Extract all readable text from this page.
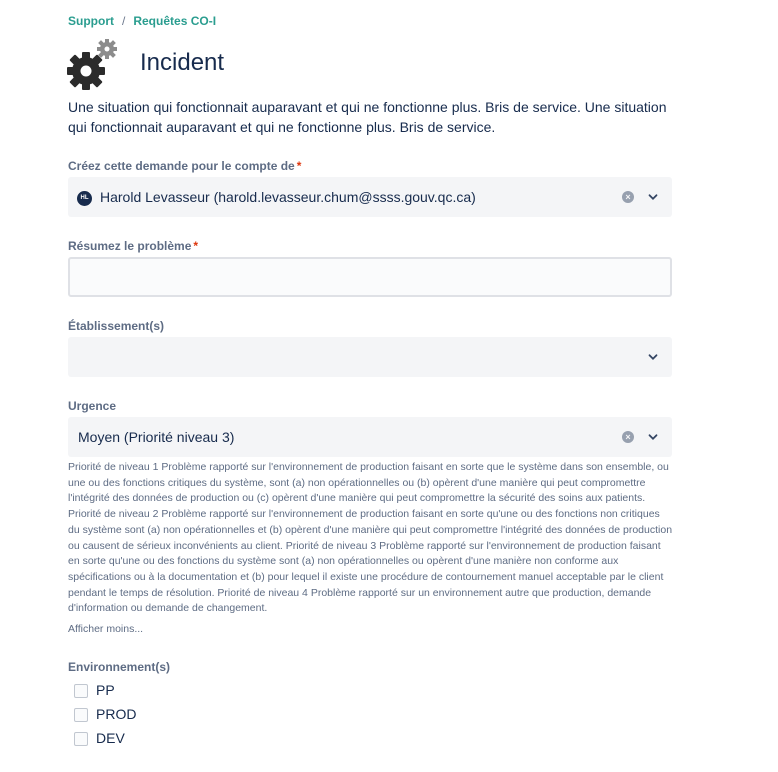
Support / Requêtes CO-I
Incident
Une situation qui fonctionnait auparavant et qui ne fonctionne plus. Bris de service. Une situation qui fonctionnait auparavant et qui ne fonctionne plus. Bris de service.
Créez cette demande pour le compte de *
HL Harold Levasseur (harold.levasseur.chum@ssss.gouv.qc.ca)	×
Résumez le problème *
Établissement(s)
Urgence
Moyen (Priorité niveau 3)	×
Priorité de niveau 1 Problème rapporté sur l'environnement de production faisant en sorte que le système dans son ensemble, ou une ou des fonctions critiques du système, sont (a) non opérationnelles ou (b) opèrent d'une manière qui peut compromettre l'intégrité des données de production ou (c) opèrent d'une manière qui peut compromettre la sécurité des soins aux patients. Priorité de niveau 2 Problème rapporté sur l'environnement de production faisant en sorte qu'une ou des fonctions non critiques du système sont (a) non opérationnelles et (b) opèrent d'une manière qui peut compromettre l'intégrité des données de production ou causent de sérieux inconvénients au client. Priorité de niveau 3 Problème rapporté sur l'environnement de production faisant en sorte qu'une ou des fonctions du système sont (a) non opérationnelles ou opèrent d'une manière non conforme aux spécifications ou à la documentation et (b) pour lequel il existe une procédure de contournement manuel acceptable par le client pendant le temps de résolution. Priorité de niveau 4 Problème rapporté sur un environnement autre que production, demande d'information ou demande de changement.
Afficher moins...
Environnement(s)
PP
PROD
DEV
